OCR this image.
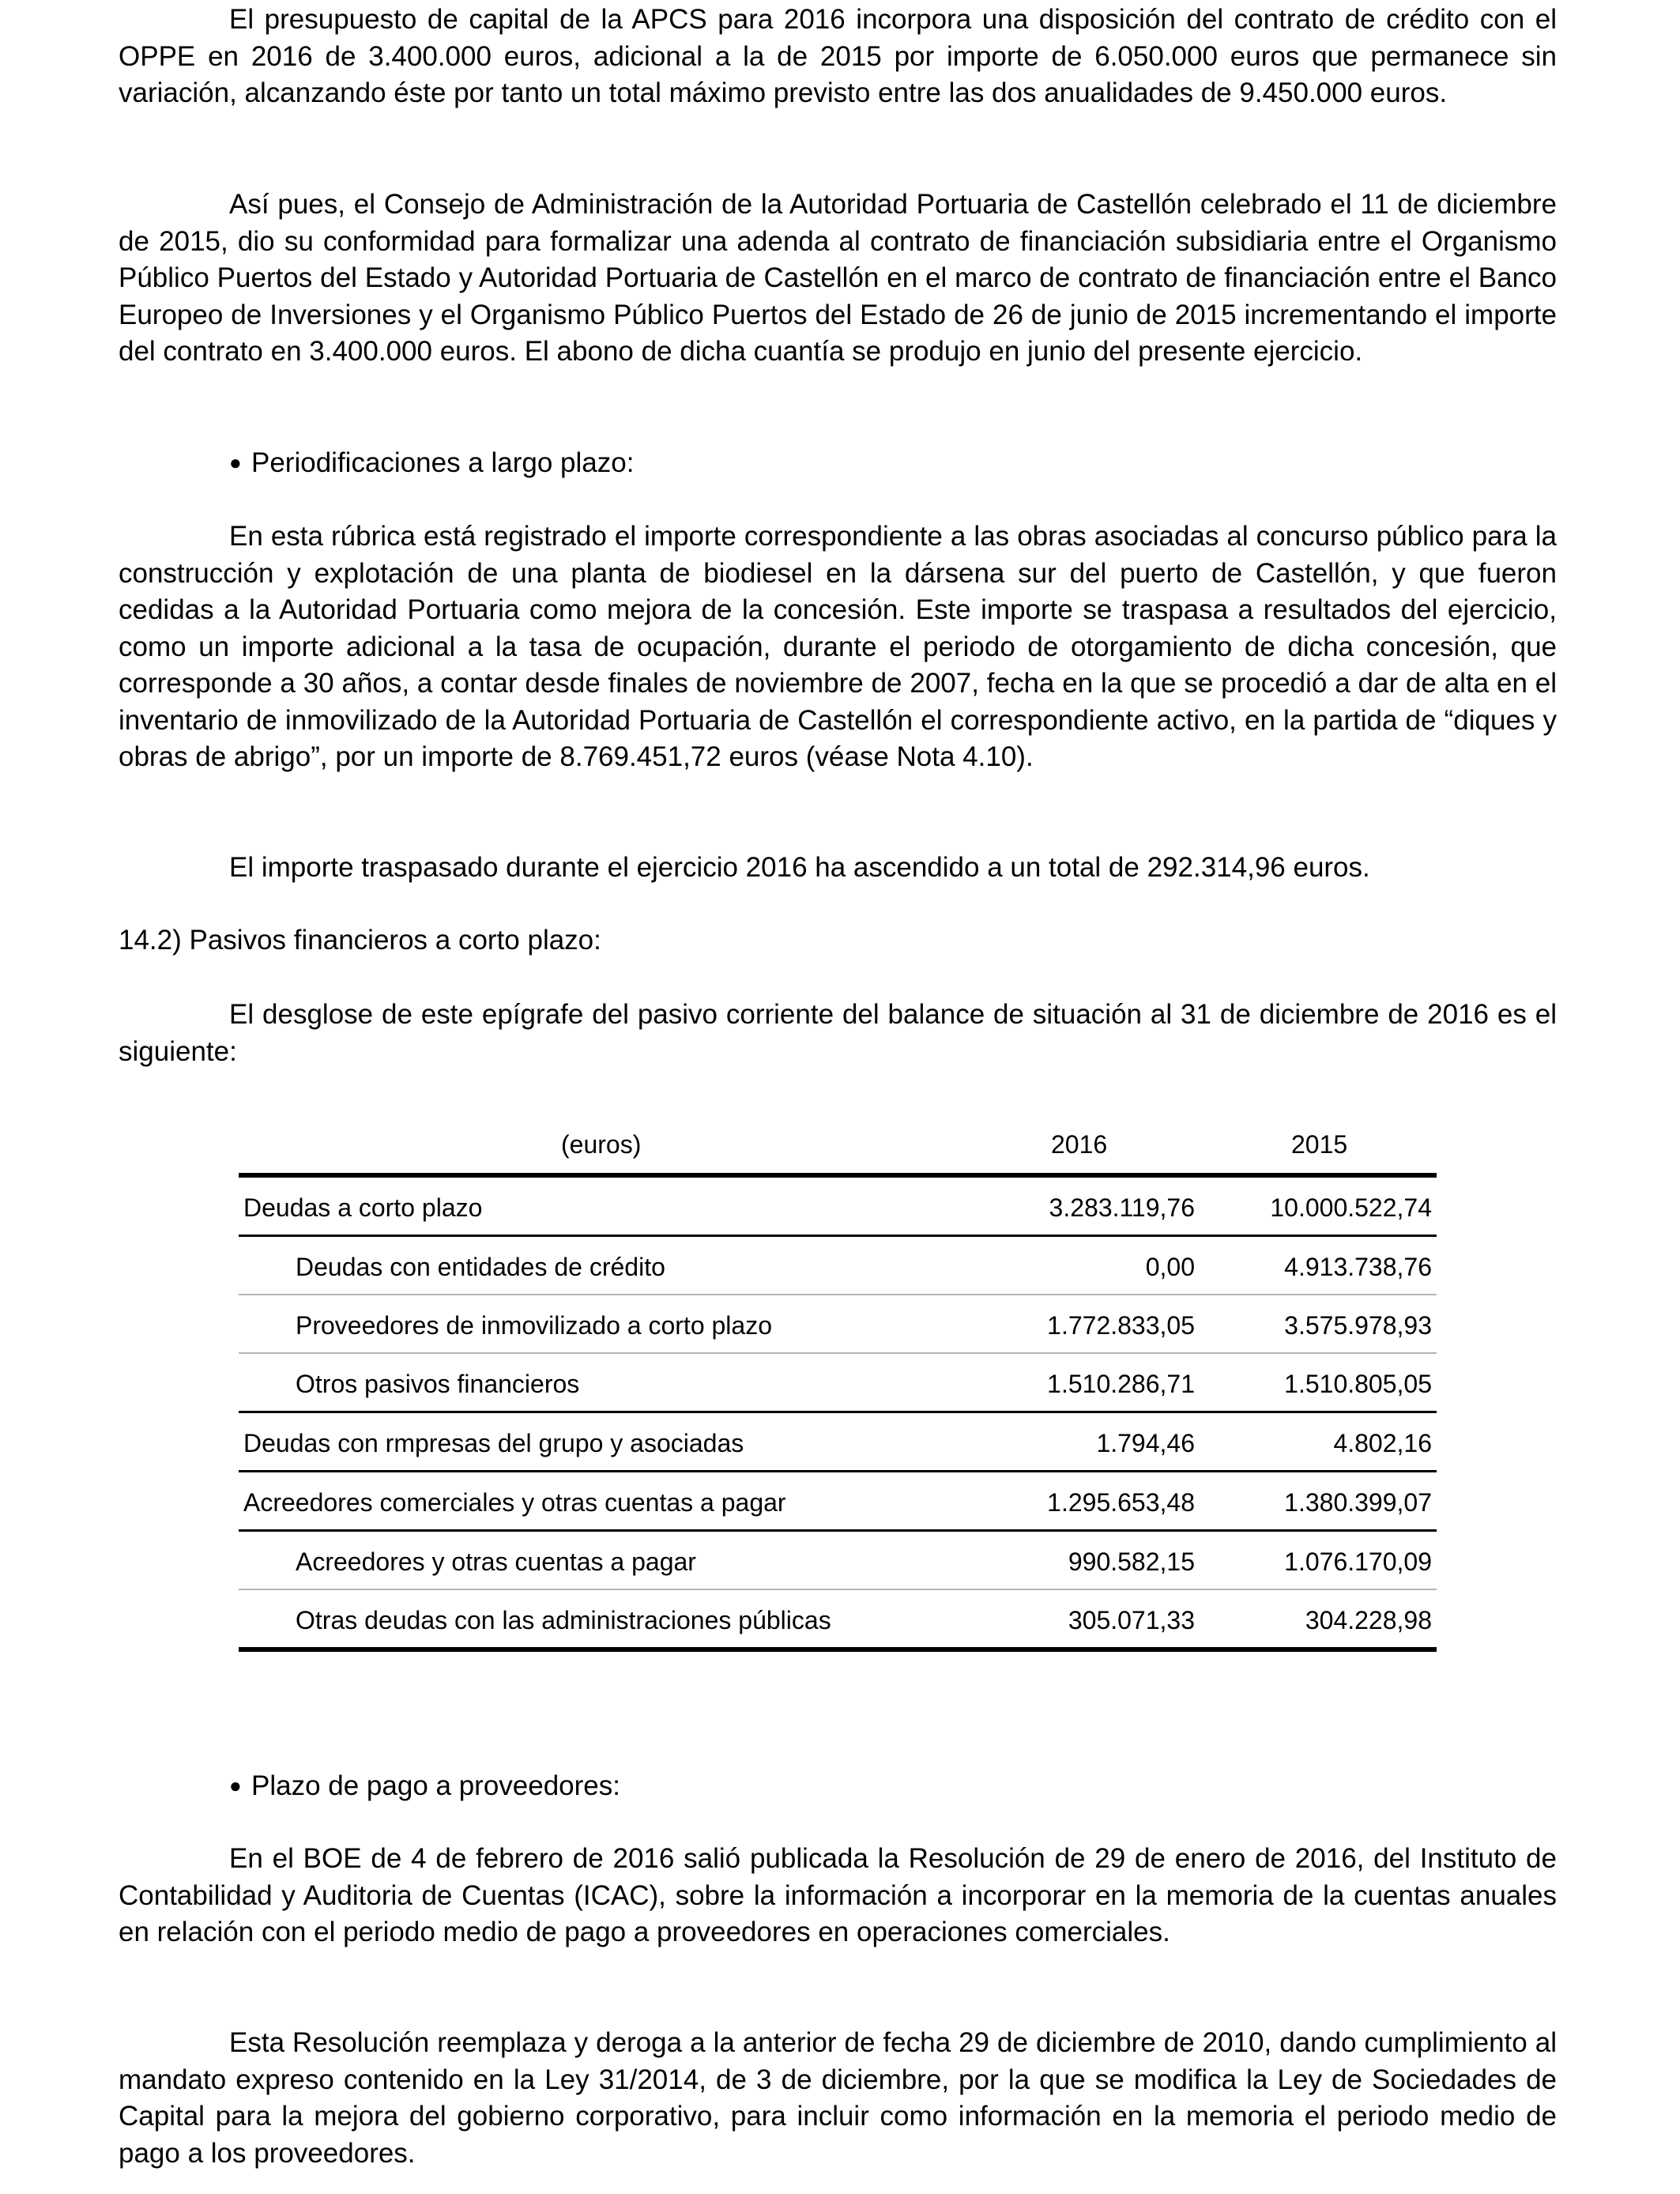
El presupuesto de capital de la APCS para 2016 incorpora una disposición del contrato de crédito con el OPPE en 2016 de 3.400.000 euros, adicional a la de 2015 por importe de 6.050.000 euros que permanece sin variación, alcanzando éste por tanto un total máximo previsto entre las dos anualidades de 9.450.000 euros.

Así pues, el Consejo de Administración de la Autoridad Portuaria de Castellón celebrado el 11 de diciembre de 2015, dio su conformidad para formalizar una adenda al contrato de financiación subsidiaria entre el Organismo Público Puertos del Estado y Autoridad Portuaria de Castellón en el marco de contrato de financiación entre el Banco Europeo de Inversiones y el Organismo Público Puertos del Estado de 26 de junio de 2015 incrementando el importe del contrato en 3.400.000 euros. El abono de dicha cuantía se produjo en junio del presente ejercicio.

● Periodificaciones a largo plazo:

En esta rúbrica está registrado el importe correspondiente a las obras asociadas al concurso público para la construcción y explotación de una planta de biodiesel en la dársena sur del puerto de Castellón, y que fueron cedidas a la Autoridad Portuaria como mejora de la concesión. Este importe se traspasa a resultados del ejercicio, como un importe adicional a la tasa de ocupación, durante el periodo de otorgamiento de dicha concesión, que corresponde a 30 años, a contar desde finales de noviembre de 2007, fecha en la que se procedió a dar de alta en el inventario de inmovilizado de la Autoridad Portuaria de Castellón el correspondiente activo, en la partida de “diques y obras de abrigo”, por un importe de 8.769.451,72 euros (véase Nota 4.10).

El importe traspasado durante el ejercicio 2016 ha ascendido a un total de 292.314,96 euros.

14.2) Pasivos financieros a corto plazo:

El desglose de este epígrafe del pasivo corriente del balance de situación al 31 de diciembre de 2016 es el siguiente:

(euros)	2016	2015
Deudas a corto plazo	3.283.119,76	10.000.522,74
Deudas con entidades de crédito	0,00	4.913.738,76
Proveedores de inmovilizado a corto plazo	1.772.833,05	3.575.978,93
Otros pasivos financieros	1.510.286,71	1.510.805,05
Deudas con rmpresas del grupo y asociadas	1.794,46	4.802,16
Acreedores comerciales y otras cuentas a pagar	1.295.653,48	1.380.399,07
Acreedores y otras cuentas a pagar	990.582,15	1.076.170,09
Otras deudas con las administraciones públicas	305.071,33	304.228,98

● Plazo de pago a proveedores:

En el BOE de 4 de febrero de 2016 salió publicada la Resolución de 29 de enero de 2016, del Instituto de Contabilidad y Auditoria de Cuentas (ICAC), sobre la información a incorporar en la memoria de la cuentas anuales en relación con el periodo medio de pago a proveedores en operaciones comerciales.

Esta Resolución reemplaza y deroga a la anterior de fecha 29 de diciembre de 2010, dando cumplimiento al mandato expreso contenido en la Ley 31/2014, de 3 de diciembre, por la que se modifica la Ley de Sociedades de Capital para la mejora del gobierno corporativo, para incluir como información en la memoria el periodo medio de pago a los proveedores.
